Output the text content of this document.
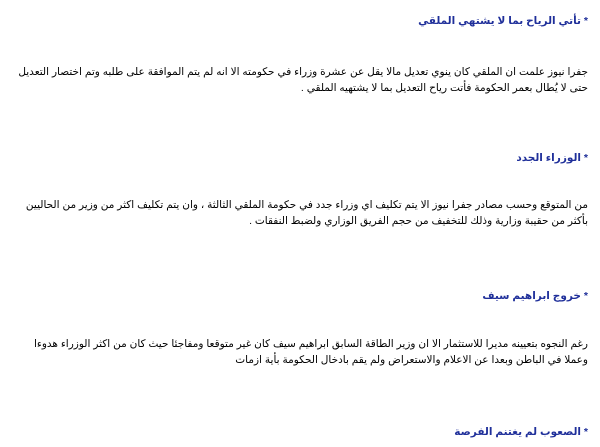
* تأتي الرياح بما لا يشتهي الملقي
جفرا نيوز علمت ان الملقي كان ينوي تعديل مالا يقل عن عشرة وزراء في حكومته الا انه لم يتم الموافقة على طلبه وتم اختصار التعديل حتى لا يُطال بعمر الحكومة فأتت رياح التعديل بما لا يشتهيه الملقي .
* الوزراء الجدد
من المتوقع وحسب مصادر جفرا نيوز الا يتم تكليف اي وزراء جدد في حكومة الملقي الثالثة ، وان يتم تكليف اكثر من وزير من الحاليين بأكثر من حقيبة وزارية وذلك للتخفيف من حجم الفريق الوزاري ولضبط النفقات .
* خروج ابراهيم سيف
رغم النجوه بتعيينه مديرا للاستثمار الا ان وزير الطاقة السابق ابراهيم سيف كان غير متوقعا ومفاجئا حيث كان من اكثر الوزراء هدوءا وعملا في الباطن وبعدا عن الاعلام والاستعراض ولم يقم بادخال الحكومة بأية ازمات
* الصعوب لم يغتنم الفرصة
